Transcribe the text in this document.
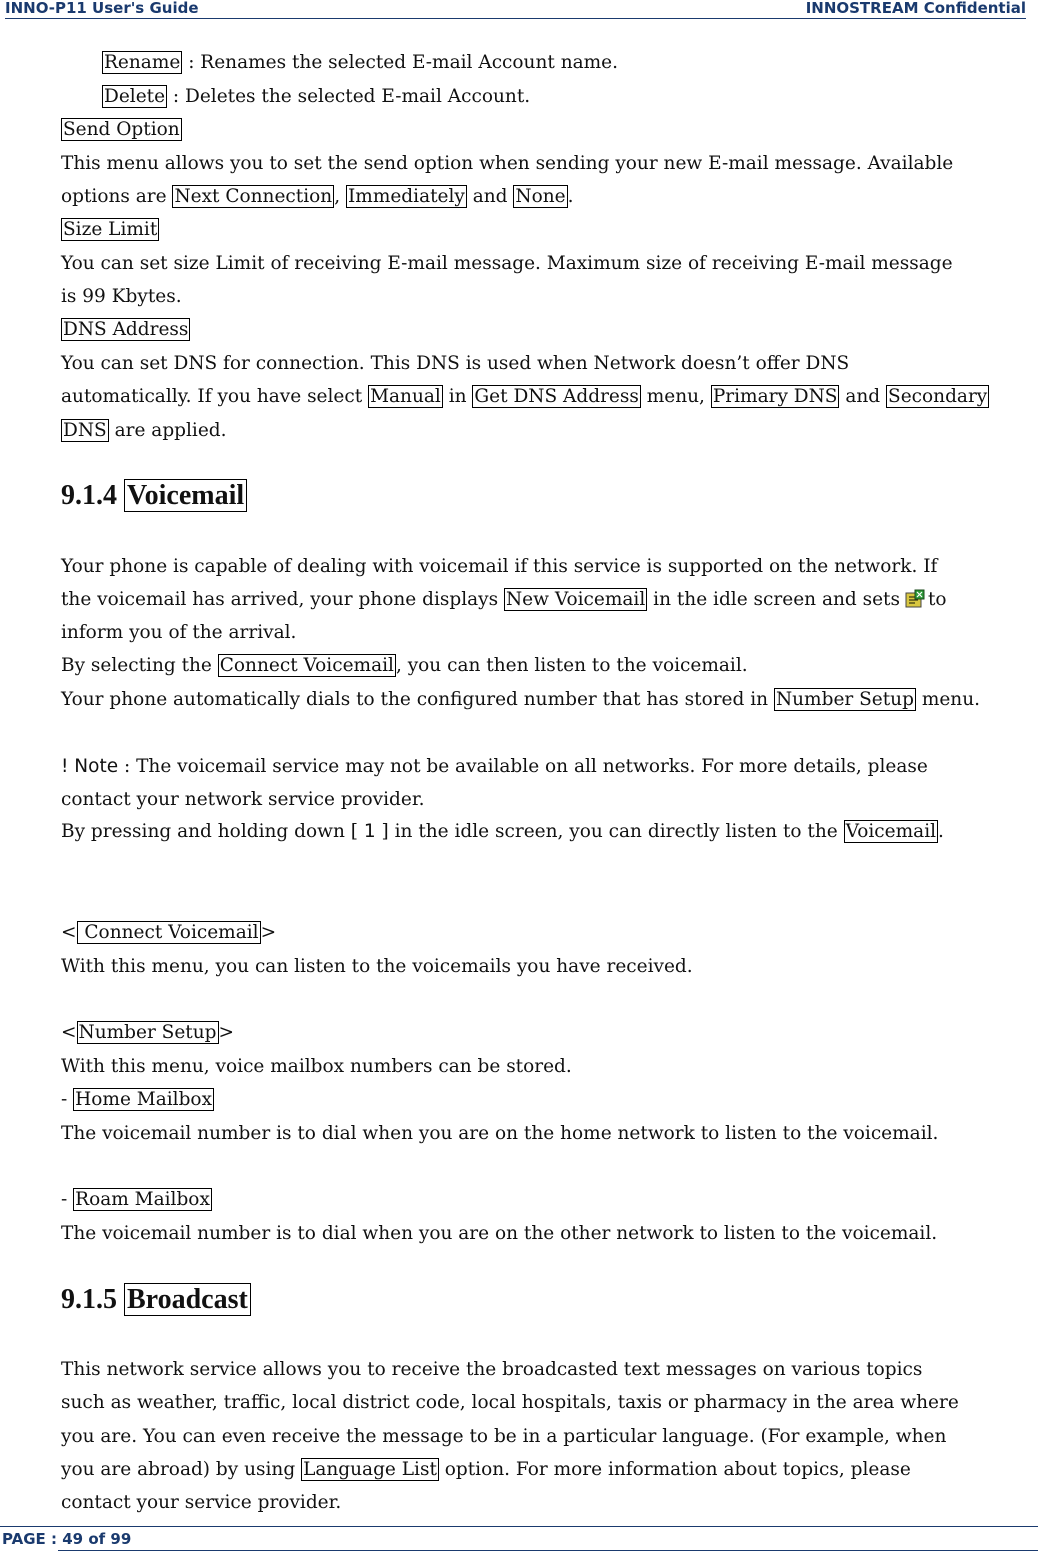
INNO-P11 User's Guide	INNOSTREAM Confidential
Rename : Renames the selected E-mail Account name.
Delete : Deletes the selected E-mail Account.
Send Option
This menu allows you to set the send option when sending your new E-mail message. Available
options are Next Connection , Immediately and None .
Size Limit
You can set size Limit of receiving E-mail message. Maximum size of receiving E-mail message
is 99 Kbytes.
DNS Address
You can set DNS for connection. This DNS is used when Network doesn’t offer DNS
automatically. If you have select Manual in Get DNS Address menu, Primary DNS and Secondary
DNS are applied.
9.1.4 Voicemail
Your phone is capable of dealing with voicemail if this service is supported on the network. If
the voicemail has arrived, your phone displays New Voicemail in the idle screen and sets to
inform you of the arrival.
By selecting the Connect Voicemail , you can then listen to the voicemail.
Your phone automatically dials to the configured number that has stored in Number Setup menu.
! Note : The voicemail service may not be available on all networks. For more details, please
contact your network service provider.
By pressing and holding down [ 1 ] in the idle screen, you can directly listen to the Voicemail .
< Connect Voicemail >
With this menu, you can listen to the voicemails you have received.
< Number Setup >
With this menu, voice mailbox numbers can be stored.
- Home Mailbox
The voicemail number is to dial when you are on the home network to listen to the voicemail.
- Roam Mailbox
The voicemail number is to dial when you are on the other network to listen to the voicemail.
9.1.5 Broadcast
This network service allows you to receive the broadcasted text messages on various topics
such as weather, traffic, local district code, local hospitals, taxis or pharmacy in the area where
you are. You can even receive the message to be in a particular language. (For example, when
you are abroad) by using Language List option. For more information about topics, please
contact your service provider.
PAGE : 49 of 99
